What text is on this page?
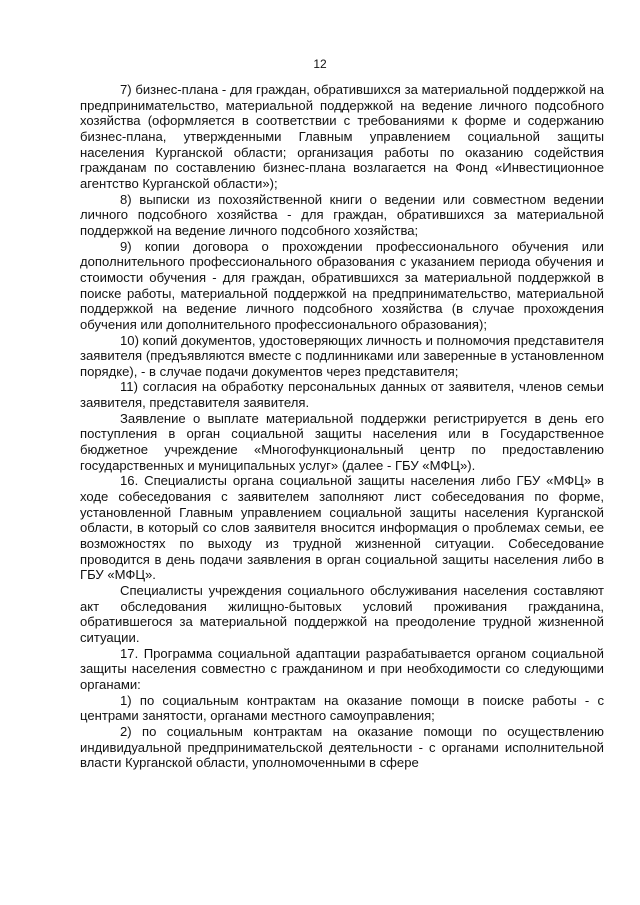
12

7) бизнес-плана - для граждан, обратившихся за материальной поддержкой на предпринимательство, материальной поддержкой на ведение личного подсобного хозяйства (оформляется в соответствии с требованиями к форме и содержанию бизнес-плана, утвержденными Главным управлением социальной защиты населения Курганской области; организация работы по оказанию содействия гражданам по составлению бизнес-плана возлагается на Фонд «Инвестиционное агентство Курганской области»);

8) выписки из похозяйственной книги о ведении или совместном ведении личного подсобного хозяйства - для граждан, обратившихся за материальной поддержкой на ведение личного подсобного хозяйства;

9) копии договора о прохождении профессионального обучения или дополнительного профессионального образования с указанием периода обучения и стоимости обучения - для граждан, обратившихся за материальной поддержкой в поиске работы, материальной поддержкой на предпринимательство, материальной поддержкой на ведение личного подсобного хозяйства (в случае прохождения обучения или дополнительного профессионального образования);

10) копий документов, удостоверяющих личность и полномочия представителя заявителя (предъявляются вместе с подлинниками или заверенные в установленном порядке), - в случае подачи документов через представителя;

11) согласия на обработку персональных данных от заявителя, членов семьи заявителя, представителя заявителя.

Заявление о выплате материальной поддержки регистрируется в день его поступления в орган социальной защиты населения или в Государственное бюджетное учреждение «Многофункциональный центр по предоставлению государственных и муниципальных услуг» (далее - ГБУ «МФЦ»).

16. Специалисты органа социальной защиты населения либо ГБУ «МФЦ» в ходе собеседования с заявителем заполняют лист собеседования по форме, установленной Главным управлением социальной защиты населения Курганской области, в который со слов заявителя вносится информация о проблемах семьи, ее возможностях по выходу из трудной жизненной ситуации. Собеседование проводится в день подачи заявления в орган социальной защиты населения либо в ГБУ «МФЦ».

Специалисты учреждения социального обслуживания населения составляют акт обследования жилищно-бытовых условий проживания гражданина, обратившегося за материальной поддержкой на преодоление трудной жизненной ситуации.

17. Программа социальной адаптации разрабатывается органом социальной защиты населения совместно с гражданином и при необходимости со следующими органами:

1) по социальным контрактам на оказание помощи в поиске работы - с центрами занятости, органами местного самоуправления;

2) по социальным контрактам на оказание помощи по осуществлению индивидуальной предпринимательской деятельности - с органами исполнительной власти Курганской области, уполномоченными в сфере
